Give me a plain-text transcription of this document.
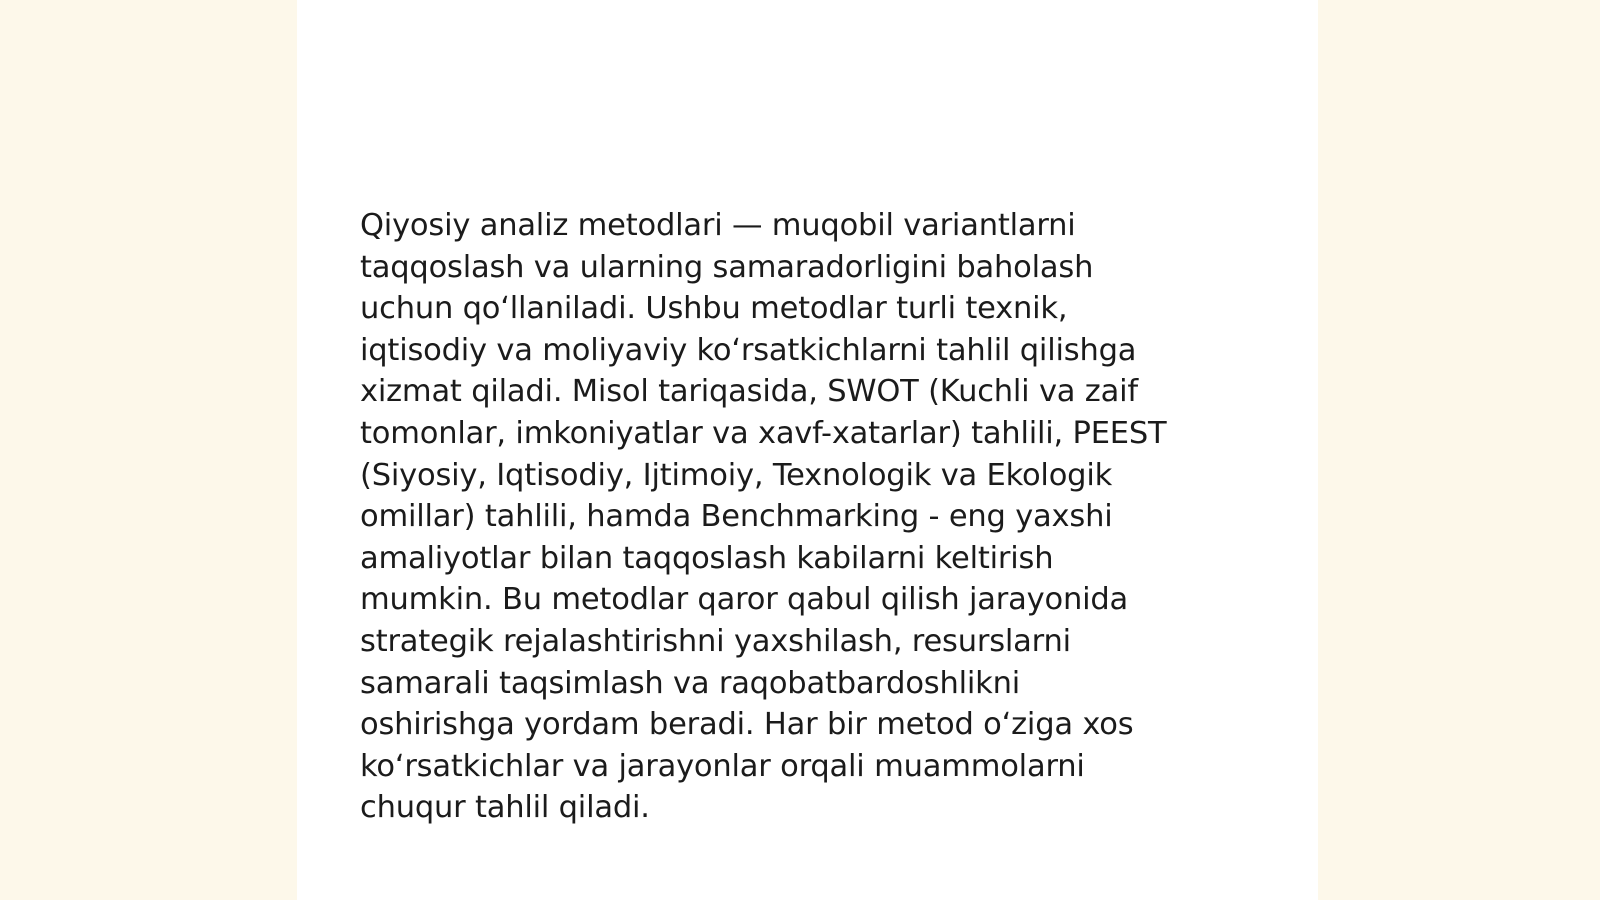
Qiyosiy analiz metodlari — muqobil variantlarni
taqqoslash va ularning samaradorligini baholash
uchun qo‘llaniladi. Ushbu metodlar turli texnik,
iqtisodiy va moliyaviy ko‘rsatkichlarni tahlil qilishga
xizmat qiladi. Misol tariqasida, SWOT (Kuchli va zaif
tomonlar, imkoniyatlar va xavf-xatarlar) tahlili, PEEST
(Siyosiy, Iqtisodiy, Ijtimoiy, Texnologik va Ekologik
omillar) tahlili, hamda Benchmarking - eng yaxshi
amaliyotlar bilan taqqoslash kabilarni keltirish
mumkin. Bu metodlar qaror qabul qilish jarayonida
strategik rejalashtirishni yaxshilash, resurslarni
samarali taqsimlash va raqobatbardoshlikni
oshirishga yordam beradi. Har bir metod o‘ziga xos
ko‘rsatkichlar va jarayonlar orqali muammolarni
chuqur tahlil qiladi.
